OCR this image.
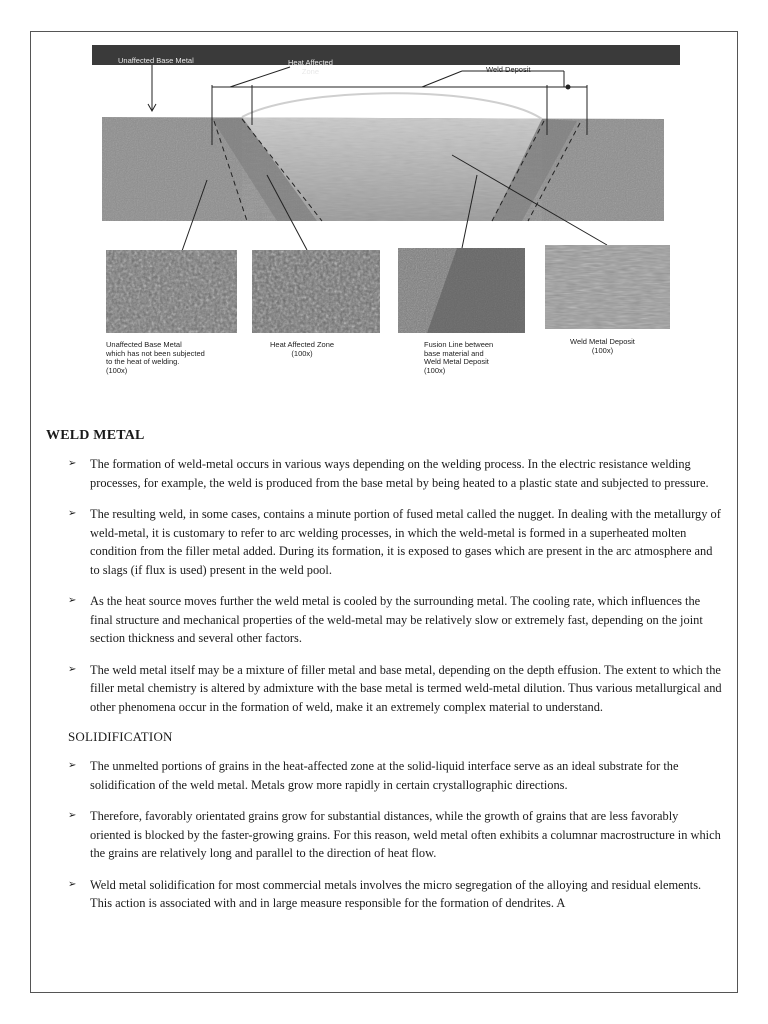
Unaffected Base Metal	Heat Affected
Zone	Weld Deposit
Unaffected Base Metal
which has not been subjected
to the heat of welding.
(100x)
Heat Affected Zone
(100x)
Fusion Line between
base material and
Weld Metal Deposit
(100x)
Weld Metal Deposit
(100x)
WELD METAL
➢ The formation of weld-metal occurs in various ways depending on the welding process. In the electric resistance welding processes, for example, the weld is produced from the base metal by being heated to a plastic state and subjected to pressure.
➢ The resulting weld, in some cases, contains a minute portion of fused metal called the nugget. In dealing with the metallurgy of weld-metal, it is customary to refer to arc welding processes, in which the weld-metal is formed in a superheated molten condition from the filler metal added. During its formation, it is exposed to gases which are present in the arc atmosphere and to slags (if flux is used) present in the weld pool.
➢ As the heat source moves further the weld metal is cooled by the surrounding metal. The cooling rate, which influences the final structure and mechanical properties of the weld-metal may be relatively slow or extremely fast, depending on the joint section thickness and several other factors.
➢ The weld metal itself may be a mixture of filler metal and base metal, depending on the depth effusion. The extent to which the filler metal chemistry is altered by admixture with the base metal is termed weld-metal dilution. Thus various metallurgical and other phenomena occur in the formation of weld, make it an extremely complex material to understand.
SOLIDIFICATION
➢ The unmelted portions of grains in the heat-affected zone at the solid-liquid interface serve as an ideal substrate for the solidification of the weld metal. Metals grow more rapidly in certain crystallographic directions.
➢ Therefore, favorably orientated grains grow for substantial distances, while the growth of grains that are less favorably oriented is blocked by the faster-growing grains. For this reason, weld metal often exhibits a columnar macrostructure in which the grains are relatively long and parallel to the direction of heat flow.
➢ Weld metal solidification for most commercial metals involves the micro segregation of the alloying and residual elements. This action is associated with and in large measure responsible for the formation of dendrites. A
